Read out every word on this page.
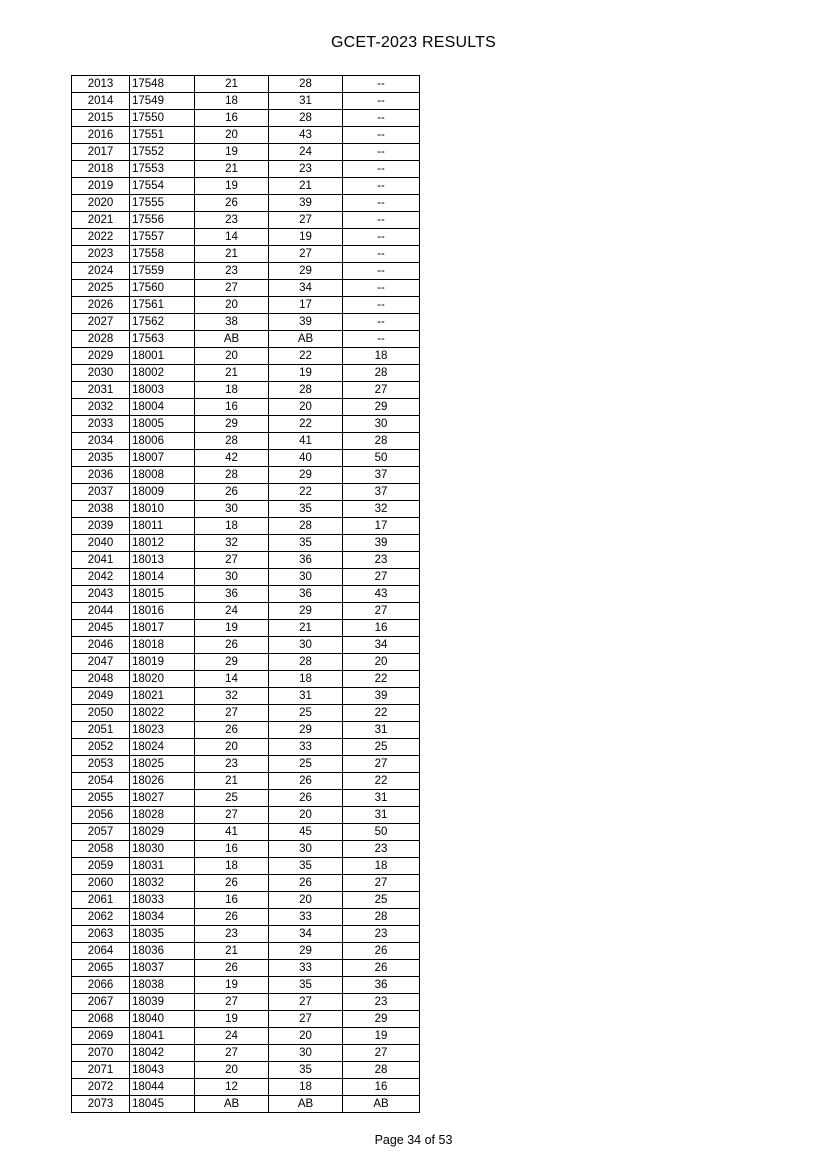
GCET-2023 RESULTS
2013	17548	21	28	--
2014	17549	18	31	--
2015	17550	16	28	--
2016	17551	20	43	--
2017	17552	19	24	--
2018	17553	21	23	--
2019	17554	19	21	--
2020	17555	26	39	--
2021	17556	23	27	--
2022	17557	14	19	--
2023	17558	21	27	--
2024	17559	23	29	--
2025	17560	27	34	--
2026	17561	20	17	--
2027	17562	38	39	--
2028	17563	AB	AB	--
2029	18001	20	22	18
2030	18002	21	19	28
2031	18003	18	28	27
2032	18004	16	20	29
2033	18005	29	22	30
2034	18006	28	41	28
2035	18007	42	40	50
2036	18008	28	29	37
2037	18009	26	22	37
2038	18010	30	35	32
2039	18011	18	28	17
2040	18012	32	35	39
2041	18013	27	36	23
2042	18014	30	30	27
2043	18015	36	36	43
2044	18016	24	29	27
2045	18017	19	21	16
2046	18018	26	30	34
2047	18019	29	28	20
2048	18020	14	18	22
2049	18021	32	31	39
2050	18022	27	25	22
2051	18023	26	29	31
2052	18024	20	33	25
2053	18025	23	25	27
2054	18026	21	26	22
2055	18027	25	26	31
2056	18028	27	20	31
2057	18029	41	45	50
2058	18030	16	30	23
2059	18031	18	35	18
2060	18032	26	26	27
2061	18033	16	20	25
2062	18034	26	33	28
2063	18035	23	34	23
2064	18036	21	29	26
2065	18037	26	33	26
2066	18038	19	35	36
2067	18039	27	27	23
2068	18040	19	27	29
2069	18041	24	20	19
2070	18042	27	30	27
2071	18043	20	35	28
2072	18044	12	18	16
2073	18045	AB	AB	AB
Page 34 of 53
